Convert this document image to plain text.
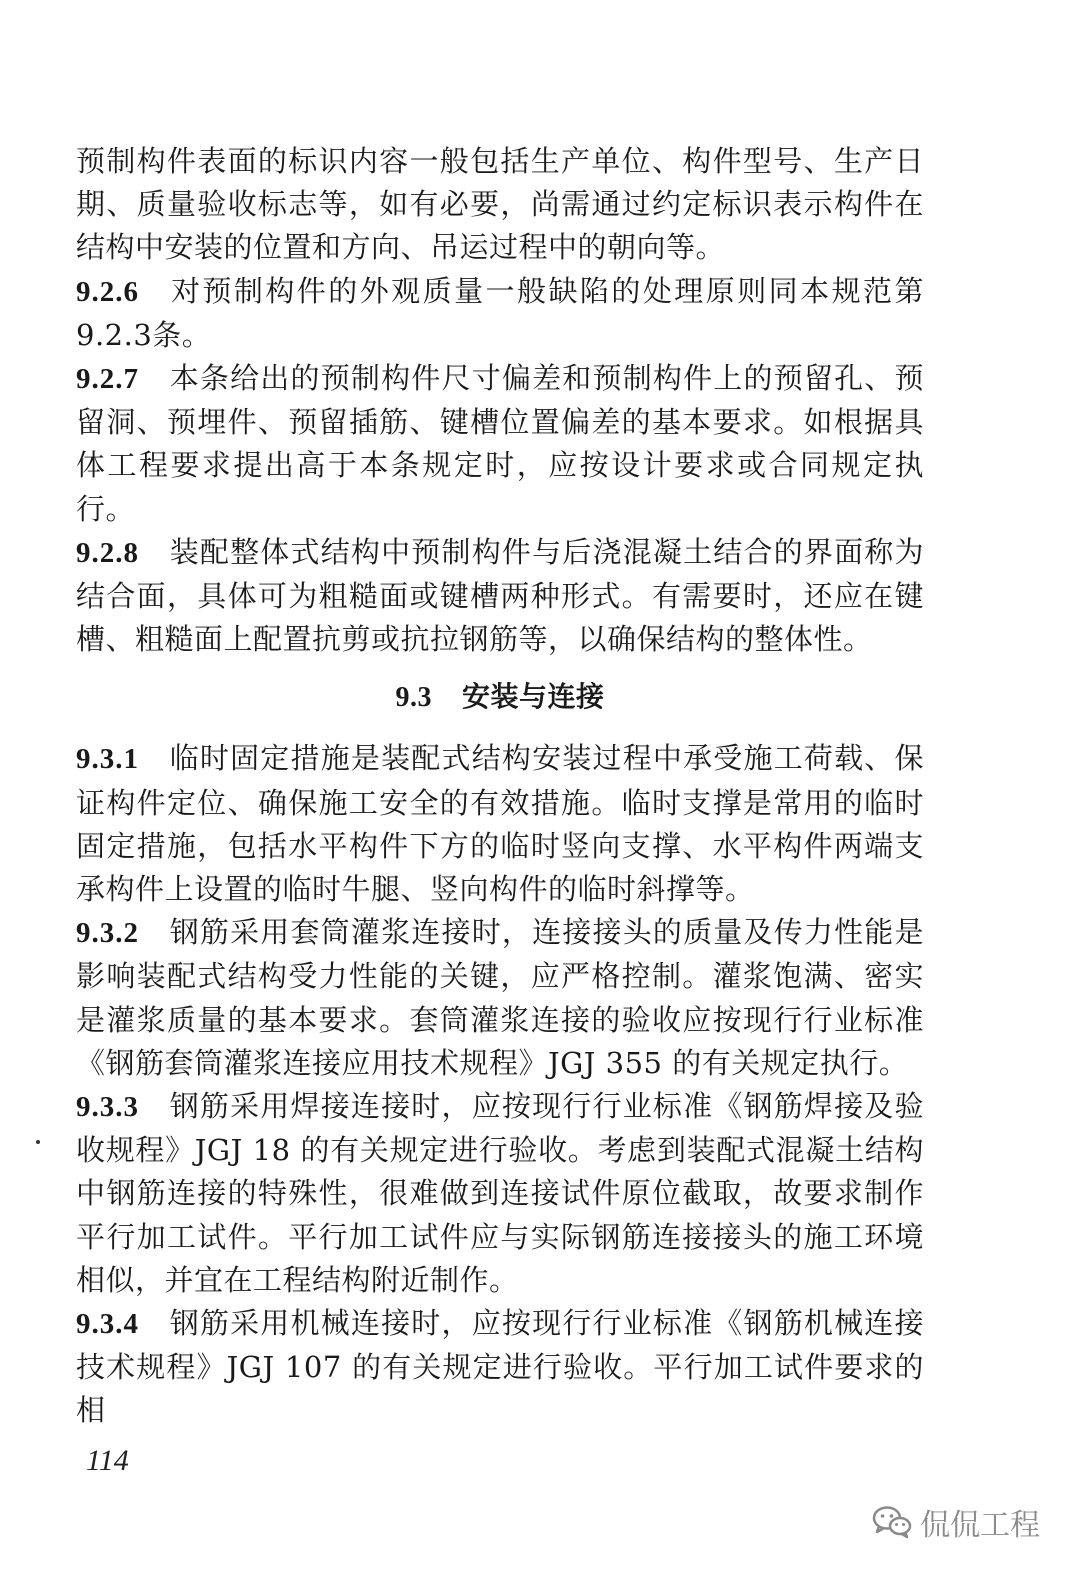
预制构件表面的标识内容一般包括生产单位、构件型号、生产日期、质量验收标志等，如有必要，尚需通过约定标识表示构件在结构中安装的位置和方向、吊运过程中的朝向等。

9.2.6 对预制构件的外观质量一般缺陷的处理原则同本规范第9.2.3条。

9.2.7 本条给出的预制构件尺寸偏差和预制构件上的预留孔、预留洞、预埋件、预留插筋、键槽位置偏差的基本要求。如根据具体工程要求提出高于本条规定时，应按设计要求或合同规定执行。

9.2.8 装配整体式结构中预制构件与后浇混凝土结合的界面称为结合面，具体可为粗糙面或键槽两种形式。有需要时，还应在键槽、粗糙面上配置抗剪或抗拉钢筋等，以确保结构的整体性。

9.3 安装与连接

9.3.1 临时固定措施是装配式结构安装过程中承受施工荷载、保证构件定位、确保施工安全的有效措施。临时支撑是常用的临时固定措施，包括水平构件下方的临时竖向支撑、水平构件两端支承构件上设置的临时牛腿、竖向构件的临时斜撑等。

9.3.2 钢筋采用套筒灌浆连接时，连接接头的质量及传力性能是影响装配式结构受力性能的关键，应严格控制。灌浆饱满、密实是灌浆质量的基本要求。套筒灌浆连接的验收应按现行行业标准《钢筋套筒灌浆连接应用技术规程》JGJ 355 的有关规定执行。

9.3.3 钢筋采用焊接连接时，应按现行行业标准《钢筋焊接及验收规程》JGJ 18 的有关规定进行验收。考虑到装配式混凝土结构中钢筋连接的特殊性，很难做到连接试件原位截取，故要求制作平行加工试件。平行加工试件应与实际钢筋连接接头的施工环境相似，并宜在工程结构附近制作。

9.3.4 钢筋采用机械连接时，应按现行行业标准《钢筋机械连接技术规程》JGJ 107 的有关规定进行验收。平行加工试件要求的相

114
侃侃工程
